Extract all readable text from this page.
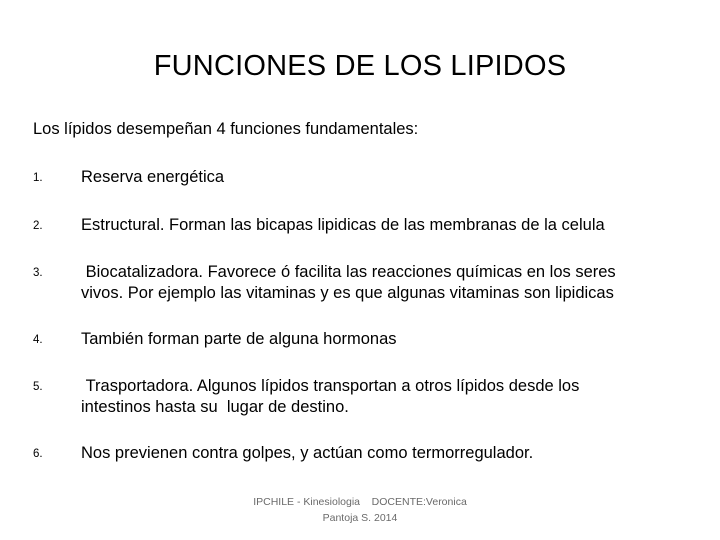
FUNCIONES DE LOS LIPIDOS

Los lípidos desempeñan 4 funciones fundamentales:

1. Reserva energética
2. Estructural. Forman las bicapas lipidicas de las membranas de la celula
3.	Biocatalizadora. Favorece ó facilita las reacciones químicas en los seres
vivos. Por ejemplo las vitaminas y es que algunas vitaminas son lipidicas
4. También forman parte de alguna hormonas
5.	Trasportadora. Algunos lípidos transportan a otros lípidos desde los
intestinos hasta su  lugar de destino.
6. Nos previenen contra golpes, y actúan como termorregulador.
IPCHILE - Kinesiologia    DOCENTE:Veronica
Pantoja S. 2014
